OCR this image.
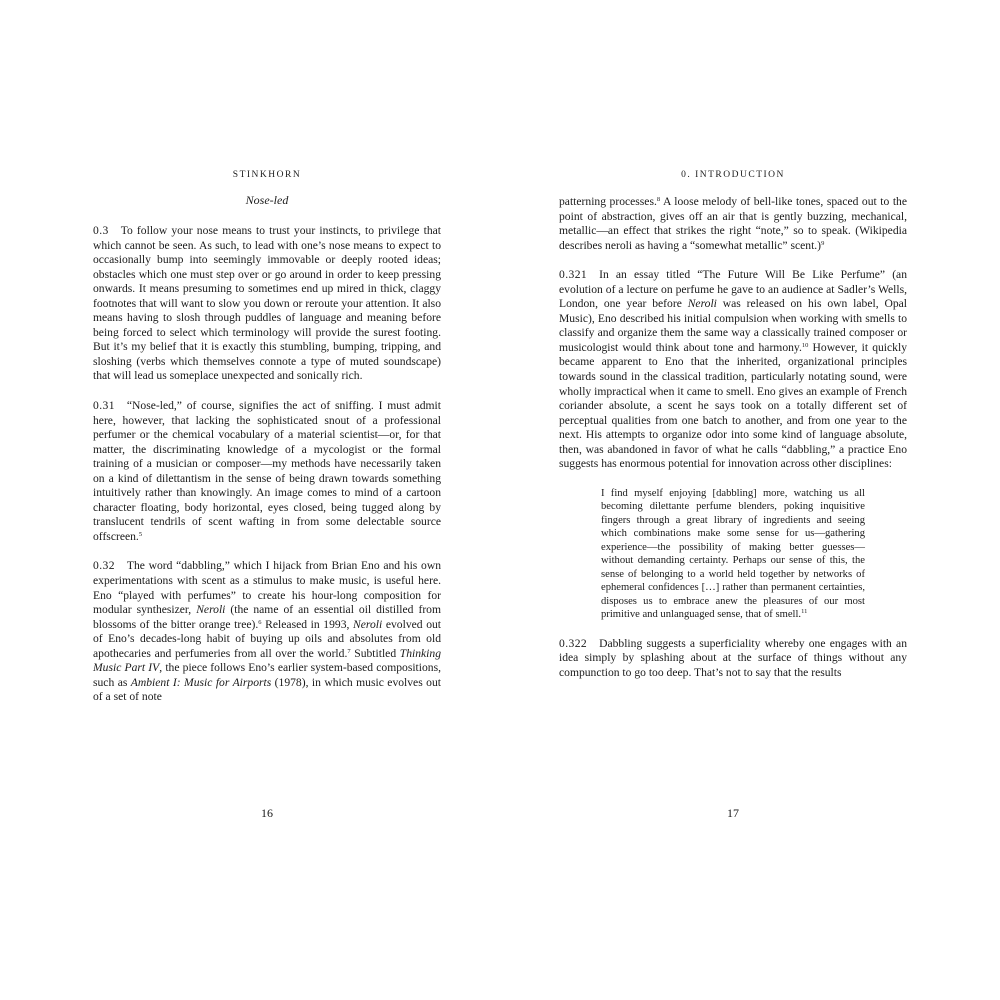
STINKHORN
Nose-led

0.3 To follow your nose means to trust your instincts, to privilege that which cannot be seen. As such, to lead with one’s nose means to expect to occasionally bump into seemingly immovable or deeply rooted ideas; obstacles which one must step over or go around in order to keep pressing onwards. It means presuming to sometimes end up mired in thick, claggy footnotes that will want to slow you down or reroute your attention. It also means having to slosh through puddles of language and meaning before being forced to select which terminology will provide the surest footing. But it’s my belief that it is exactly this stumbling, bumping, tripping, and sloshing (verbs which themselves connote a type of muted soundscape) that will lead us someplace unexpected and sonically rich.

0.31 “Nose-led,” of course, signifies the act of sniffing. I must admit here, however, that lacking the sophisticated snout of a professional perfumer or the chemical vocabulary of a material scientist—or, for that matter, the discriminating knowledge of a mycologist or the formal training of a musician or composer—my methods have necessarily taken on a kind of dilettantism in the sense of being drawn towards something intuitively rather than knowingly. An image comes to mind of a cartoon character floating, body horizontal, eyes closed, being tugged along by translucent tendrils of scent wafting in from some delectable source offscreen.$^5$

0.32 The word “dabbling,” which I hijack from Brian Eno and his own experimentations with scent as a stimulus to make music, is useful here. Eno “played with perfumes” to create his hour-long composition for modular synthesizer, Neroli (the name of an essential oil distilled from blossoms of the bitter orange tree).$^6$ Released in 1993, Neroli evolved out of Eno’s decades-long habit of buying up oils and absolutes from old apothecaries and perfumeries from all over the world.$^7$ Subtitled Thinking Music Part IV, the piece follows Eno’s earlier system-based compositions, such as Ambient I: Music for Airports (1978), in which music evolves out of a set of note

16
0. INTRODUCTION

patterning processes.$^8$ A loose melody of bell-like tones, spaced out to the point of abstraction, gives off an air that is gently buzzing, mechanical, metallic—an effect that strikes the right “note,” so to speak. (Wikipedia describes neroli as having a “somewhat metallic” scent.)$^9$

0.321 In an essay titled “The Future Will Be Like Perfume” (an evolution of a lecture on perfume he gave to an audience at Sadler’s Wells, London, one year before Neroli was released on his own label, Opal Music), Eno described his initial compulsion when working with smells to classify and organize them the same way a classically trained composer or musicologist would think about tone and harmony.$^{10}$ However, it quickly became apparent to Eno that the inherited, organizational principles towards sound in the classical tradition, particularly notating sound, were wholly impractical when it came to smell. Eno gives an example of French coriander absolute, a scent he says took on a totally different set of perceptual qualities from one batch to another, and from one year to the next. His attempts to organize odor into some kind of language absolute, then, was abandoned in favor of what he calls “dabbling,” a practice Eno suggests has enormous potential for innovation across other disciplines:

I find myself enjoying [dabbling] more, watching us all becoming dilettante perfume blenders, poking inquisitive fingers through a great library of ingredients and seeing which combinations make some sense for us—gathering experience—the possibility of making better guesses—without demanding certainty. Perhaps our sense of this, the sense of belonging to a world held together by networks of ephemeral confidences […] rather than permanent certainties, disposes us to embrace anew the pleasures of our most primitive and unlanguaged sense, that of smell.$^{11}$

0.322 Dabbling suggests a superficiality whereby one engages with an idea simply by splashing about at the surface of things without any compunction to go too deep. That’s not to say that the results

17
